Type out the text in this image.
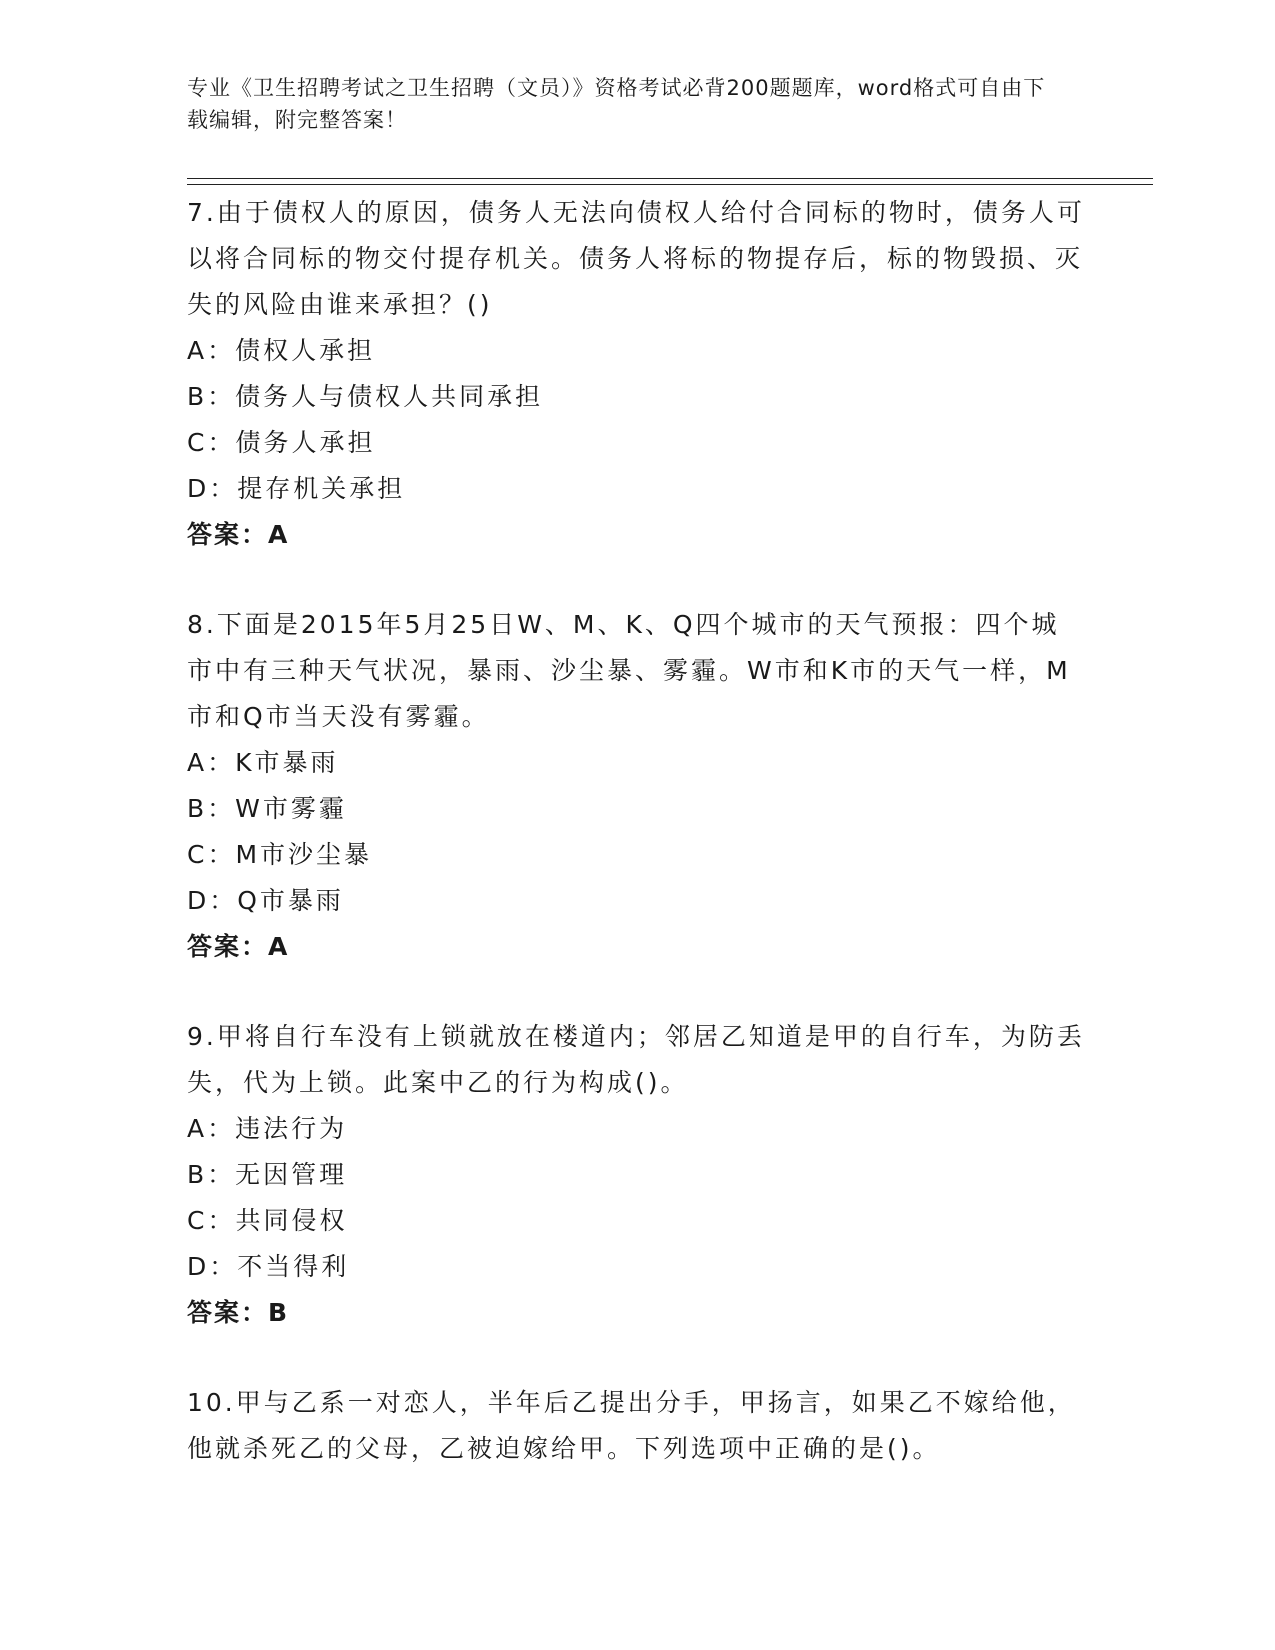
专业《卫生招聘考试之卫生招聘（文员）》资格考试必背200题题库，word格式可自由下载编辑，附完整答案！
7.由于债权人的原因，债务人无法向债权人给付合同标的物时，债务人可以将合同标的物交付提存机关。债务人将标的物提存后，标的物毁损、灭失的风险由谁来承担？()
A：债权人承担
B：债务人与债权人共同承担
C：债务人承担
D：提存机关承担
答案：A
8.下面是2015年5月25日W、M、K、Q四个城市的天气预报：四个城市中有三种天气状况，暴雨、沙尘暴、雾霾。W市和K市的天气一样，M市和Q市当天没有雾霾。
A：K市暴雨
B：W市雾霾
C：M市沙尘暴
D：Q市暴雨
答案：A
9.甲将自行车没有上锁就放在楼道内；邻居乙知道是甲的自行车，为防丢失，代为上锁。此案中乙的行为构成()。
A：违法行为
B：无因管理
C：共同侵权
D：不当得利
答案：B
10.甲与乙系一对恋人，半年后乙提出分手，甲扬言，如果乙不嫁给他，他就杀死乙的父母，乙被迫嫁给甲。下列选项中正确的是()。
